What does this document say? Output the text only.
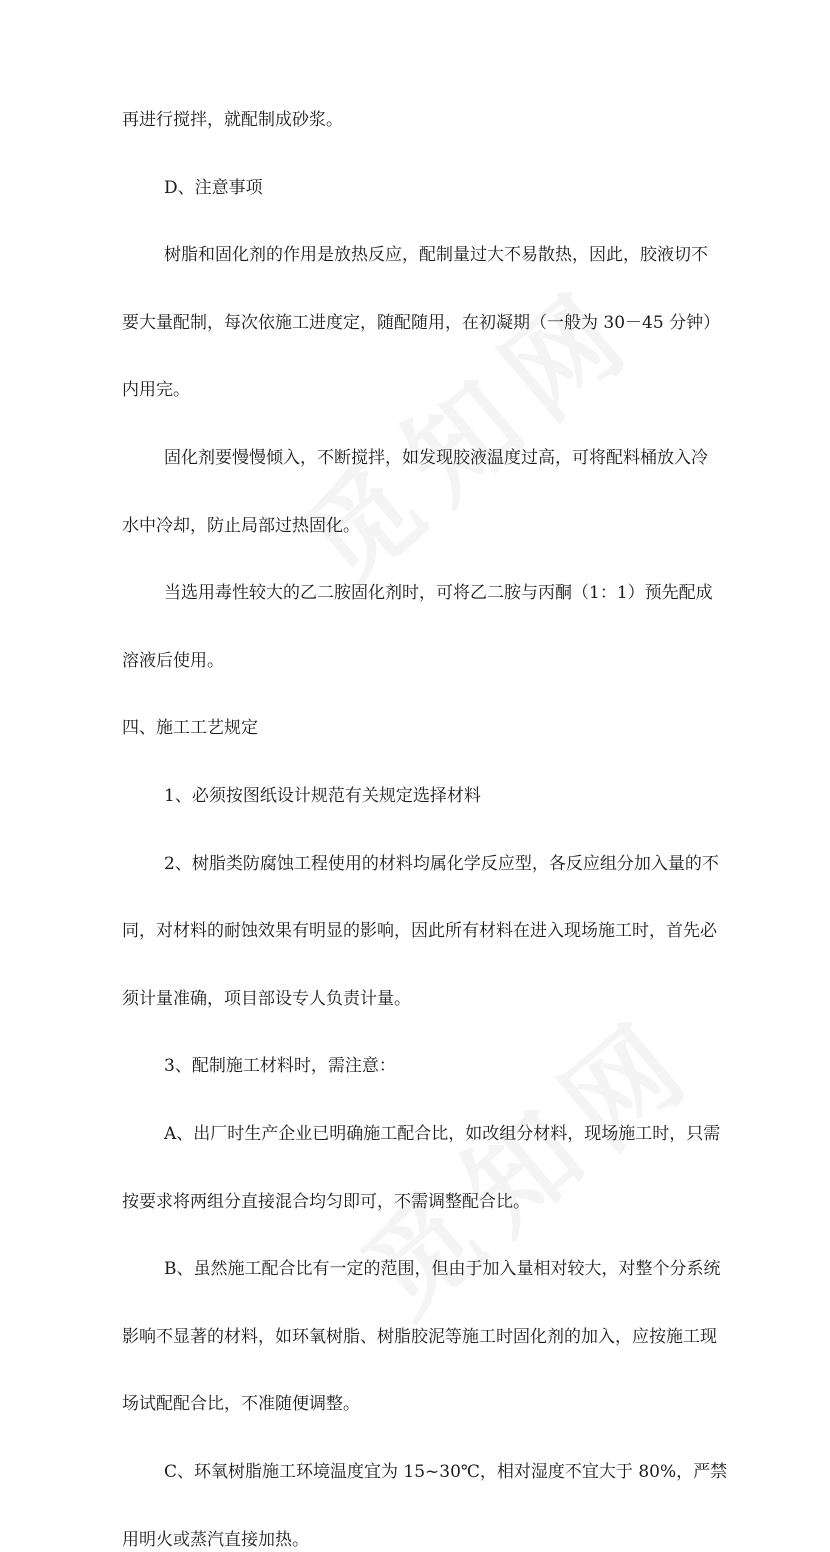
再进行搅拌，就配制成砂浆。
D、注意事项
树脂和固化剂的作用是放热反应，配制量过大不易散热，因此，胶液切不
要大量配制，每次依施工进度定，随配随用，在初凝期（一般为 30－45 分钟）
内用完。
固化剂要慢慢倾入，不断搅拌，如发现胶液温度过高，可将配料桶放入冷
水中冷却，防止局部过热固化。
当选用毒性较大的乙二胺固化剂时，可将乙二胺与丙酮（1：1）预先配成
溶液后使用。
四、施工工艺规定
1、必须按图纸设计规范有关规定选择材料
2、树脂类防腐蚀工程使用的材料均属化学反应型，各反应组分加入量的不
同，对材料的耐蚀效果有明显的影响，因此所有材料在进入现场施工时，首先必
须计量准确，项目部设专人负责计量。
3、配制施工材料时，需注意：
A、出厂时生产企业已明确施工配合比，如改组分材料，现场施工时，只需
按要求将两组分直接混合均匀即可，不需调整配合比。
B、虽然施工配合比有一定的范围，但由于加入量相对较大，对整个分系统
影响不显著的材料，如环氧树脂、树脂胶泥等施工时固化剂的加入，应按施工现
场试配配合比，不准随便调整。
C、环氧树脂施工环境温度宜为 15~30℃，相对湿度不宜大于 80%，严禁
用明火或蒸汽直接加热。
